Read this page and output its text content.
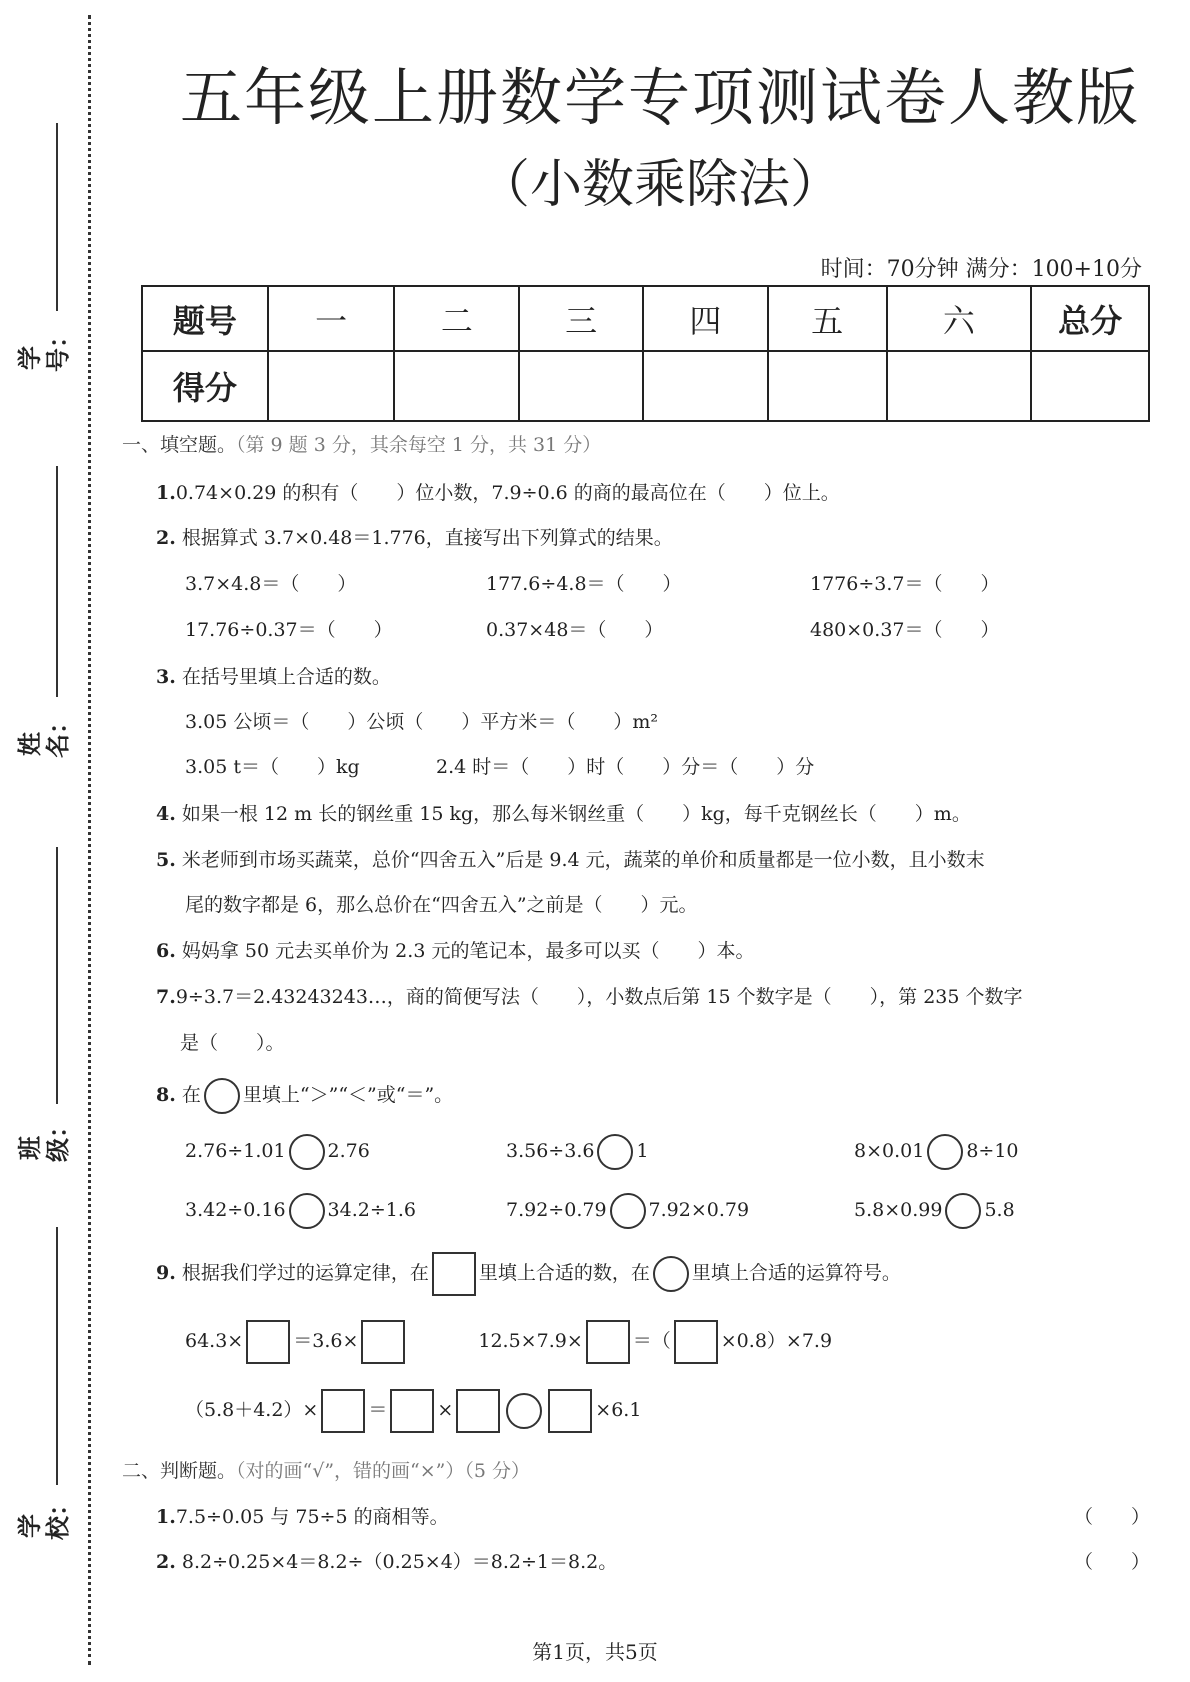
学号：
姓名：
班级：
学校：
五年级上册数学专项测试卷人教版
（小数乘除法）
时间：70分钟 满分：100+10分
题号	一	二	三	四	五	六	总分
得分							
一、填空题。（第 9 题 3 分，其余每空 1 分，共 31 分）
1.0.74×0.29 的积有（　　）位小数，7.9÷0.6 的商的最高位在（　　）位上。
2. 根据算式 3.7×0.48＝1.776，直接写出下列算式的结果。
3.7×4.8＝（　　）	177.6÷4.8＝（　　）	1776÷3.7＝（　　）
17.76÷0.37＝（　　）	0.37×48＝（　　）	480×0.37＝（　　）
3. 在括号里填上合适的数。
3.05 公顷＝（　　）公顷（　　）平方米＝（　　）m²
3.05 t＝（　　）kg	2.4 时＝（　　）时（　　）分＝（　　）分
4. 如果一根 12 m 长的钢丝重 15 kg，那么每米钢丝重（　　）kg，每千克钢丝长（　　）m。
5. 米老师到市场买蔬菜，总价“四舍五入”后是 9.4 元，蔬菜的单价和质量都是一位小数，且小数末
尾的数字都是 6，那么总价在“四舍五入”之前是（　　）元。
6. 妈妈拿 50 元去买单价为 2.3 元的笔记本，最多可以买（　　）本。
7.9÷3.7＝2.43243243…，商的简便写法（　　），小数点后第 15 个数字是（　　），第 235 个数字
是（　　）。
8. 在 里填上“＞”“＜”或“＝”。
2.76÷1.01 2.76	3.56÷3.6 1	8×0.01 8÷10
3.42÷0.16 34.2÷1.6	7.92÷0.79 7.92×0.79	5.8×0.99 5.8
9. 根据我们学过的运算定律，在	里填上合适的数，在 里填上合适的运算符号。
64.3×	＝3.6×	12.5×7.9×	＝（	×0.8）×7.9
（5.8＋4.2）×	＝	×	×6.1
二、判断题。（对的画“√”，错的画“×”）（5 分）
1.7.5÷0.05 与 75÷5 的商相等。	（　　）
2. 8.2÷0.25×4＝8.2÷（0.25×4）＝8.2÷1＝8.2。	（　　）
第1页，共5页
